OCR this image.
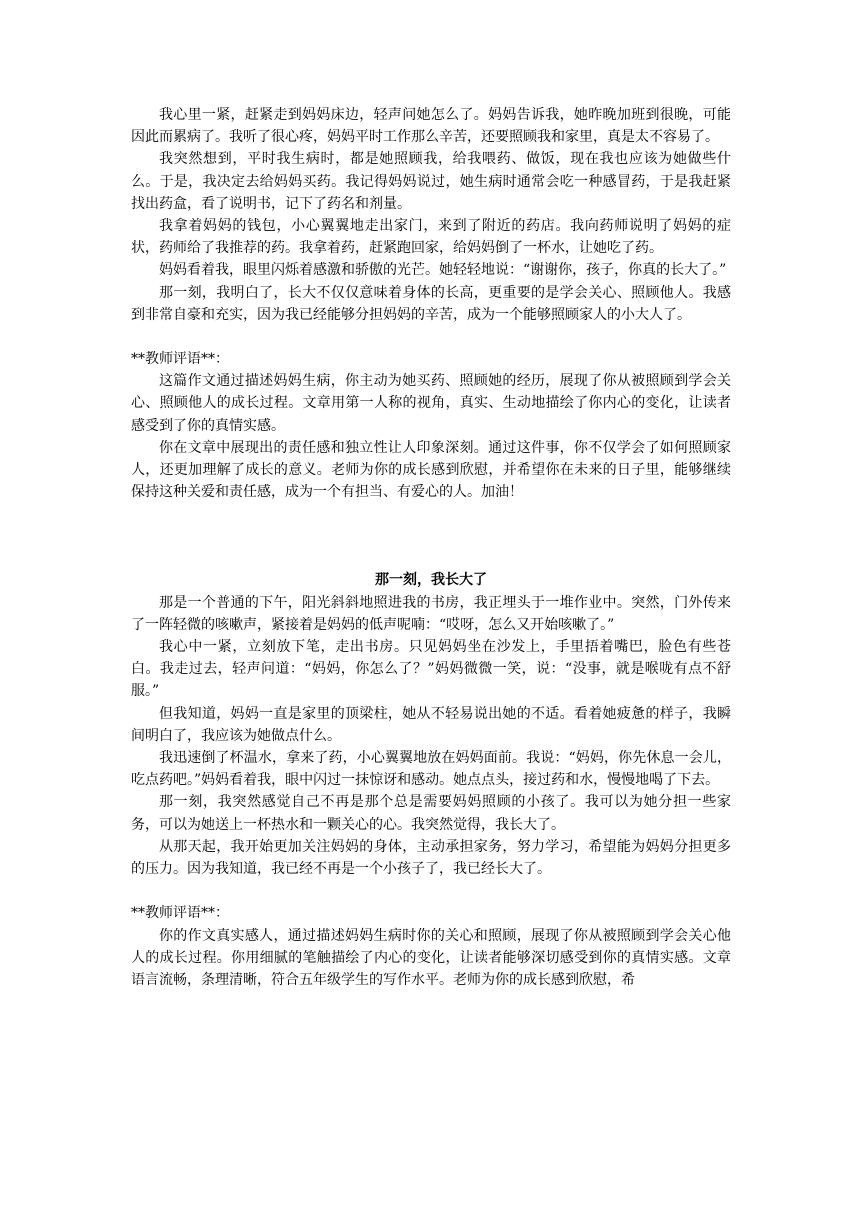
我心里一紧，赶紧走到妈妈床边，轻声问她怎么了。妈妈告诉我，她昨晚加班到很晚，可能因此而累病了。我听了很心疼，妈妈平时工作那么辛苦，还要照顾我和家里，真是太不容易了。

我突然想到，平时我生病时，都是她照顾我，给我喂药、做饭，现在我也应该为她做些什么。于是，我决定去给妈妈买药。我记得妈妈说过，她生病时通常会吃一种感冒药，于是我赶紧找出药盒，看了说明书，记下了药名和剂量。

我拿着妈妈的钱包，小心翼翼地走出家门，来到了附近的药店。我向药师说明了妈妈的症状，药师给了我推荐的药。我拿着药，赶紧跑回家，给妈妈倒了一杯水，让她吃了药。

妈妈看着我，眼里闪烁着感激和骄傲的光芒。她轻轻地说：“谢谢你，孩子，你真的长大了。”

那一刻，我明白了，长大不仅仅意味着身体的长高，更重要的是学会关心、照顾他人。我感到非常自豪和充实，因为我已经能够分担妈妈的辛苦，成为一个能够照顾家人的小大人了。

**教师评语**：

这篇作文通过描述妈妈生病，你主动为她买药、照顾她的经历，展现了你从被照顾到学会关心、照顾他人的成长过程。文章用第一人称的视角，真实、生动地描绘了你内心的变化，让读者感受到了你的真情实感。

你在文章中展现出的责任感和独立性让人印象深刻。通过这件事，你不仅学会了如何照顾家人，还更加理解了成长的意义。老师为你的成长感到欣慰，并希望你在未来的日子里，能够继续保持这种关爱和责任感，成为一个有担当、有爱心的人。加油！

那一刻，我长大了

那是一个普通的下午，阳光斜斜地照进我的书房，我正埋头于一堆作业中。突然，门外传来了一阵轻微的咳嗽声，紧接着是妈妈的低声呢喃：“哎呀，怎么又开始咳嗽了。”

我心中一紧，立刻放下笔，走出书房。只见妈妈坐在沙发上，手里捂着嘴巴，脸色有些苍白。我走过去，轻声问道：“妈妈，你怎么了？”妈妈微微一笑，说：“没事，就是喉咙有点不舒服。”

但我知道，妈妈一直是家里的顶梁柱，她从不轻易说出她的不适。看着她疲惫的样子，我瞬间明白了，我应该为她做点什么。

我迅速倒了杯温水，拿来了药，小心翼翼地放在妈妈面前。我说：“妈妈，你先休息一会儿，吃点药吧。”妈妈看着我，眼中闪过一抹惊讶和感动。她点点头，接过药和水，慢慢地喝了下去。

那一刻，我突然感觉自己不再是那个总是需要妈妈照顾的小孩了。我可以为她分担一些家务，可以为她送上一杯热水和一颗关心的心。我突然觉得，我长大了。

从那天起，我开始更加关注妈妈的身体，主动承担家务，努力学习，希望能为妈妈分担更多的压力。因为我知道，我已经不再是一个小孩子了，我已经长大了。

**教师评语**：

你的作文真实感人，通过描述妈妈生病时你的关心和照顾，展现了你从被照顾到学会关心他人的成长过程。你用细腻的笔触描绘了内心的变化，让读者能够深切感受到你的真情实感。文章语言流畅，条理清晰，符合五年级学生的写作水平。老师为你的成长感到欣慰，希
